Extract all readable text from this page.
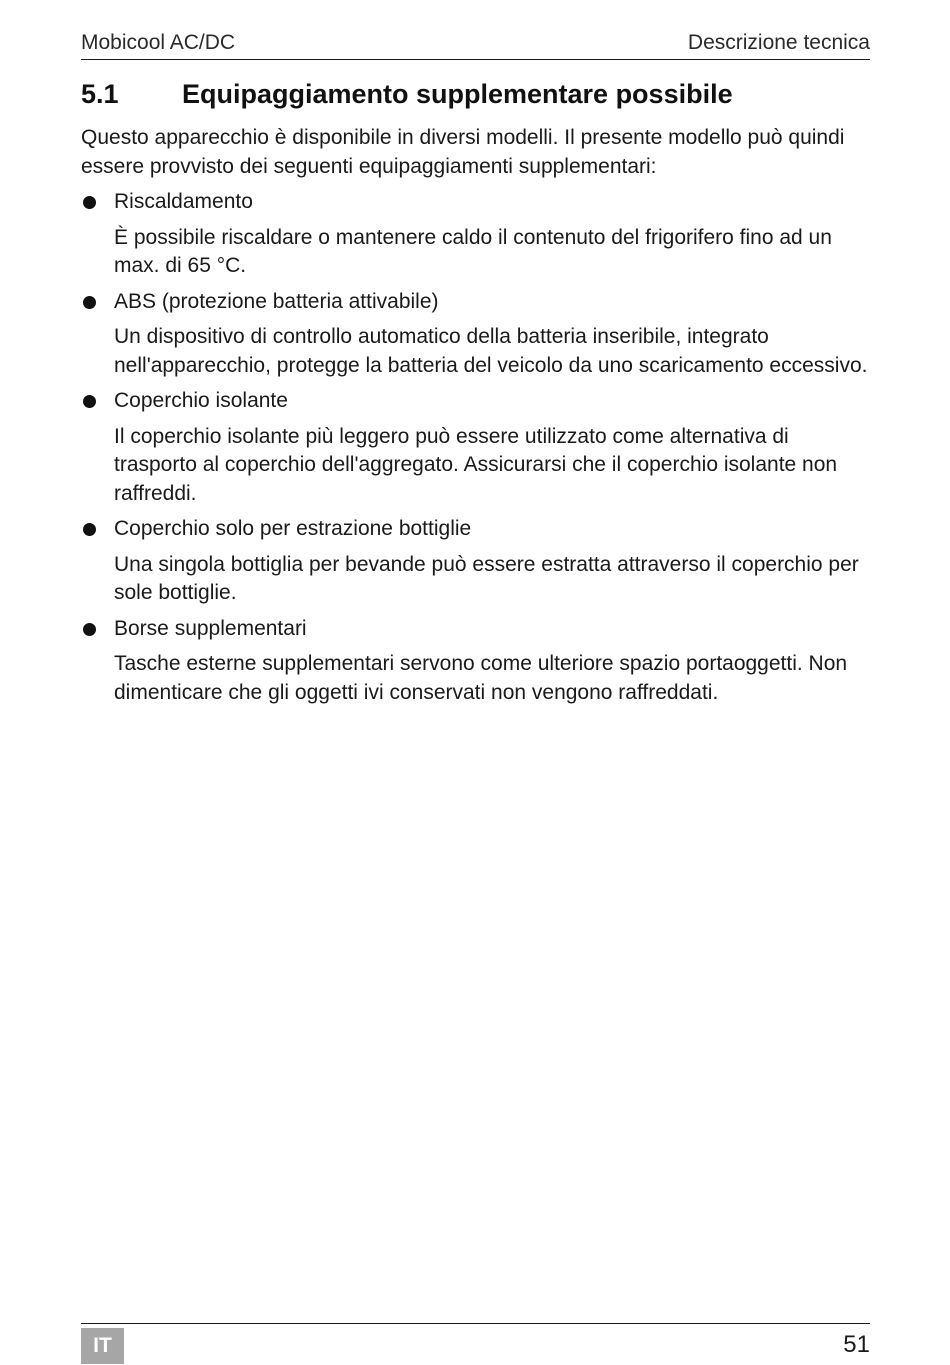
Mobicool AC/DC	Descrizione tecnica
5.1 Equipaggiamento supplementare possibile

Questo apparecchio è disponibile in diversi modelli. Il presente modello può quindi essere provvisto dei seguenti equipaggiamenti supplementari:

Riscaldamento

È possibile riscaldare o mantenere caldo il contenuto del frigorifero fino ad un max. di 65 °C.

ABS (protezione batteria attivabile)

Un dispositivo di controllo automatico della batteria inseribile, integrato nell'apparecchio, protegge la batteria del veicolo da uno scaricamento eccessivo.

Coperchio isolante

Il coperchio isolante più leggero può essere utilizzato come alternativa di trasporto al coperchio dell'aggregato. Assicurarsi che il coperchio isolante non raffreddi.

Coperchio solo per estrazione bottiglie

Una singola bottiglia per bevande può essere estratta attraverso il coperchio per sole bottiglie.

Borse supplementari

Tasche esterne supplementari servono come ulteriore spazio portaoggetti. Non dimenticare che gli oggetti ivi conservati non vengono raffreddati.

IT	51
